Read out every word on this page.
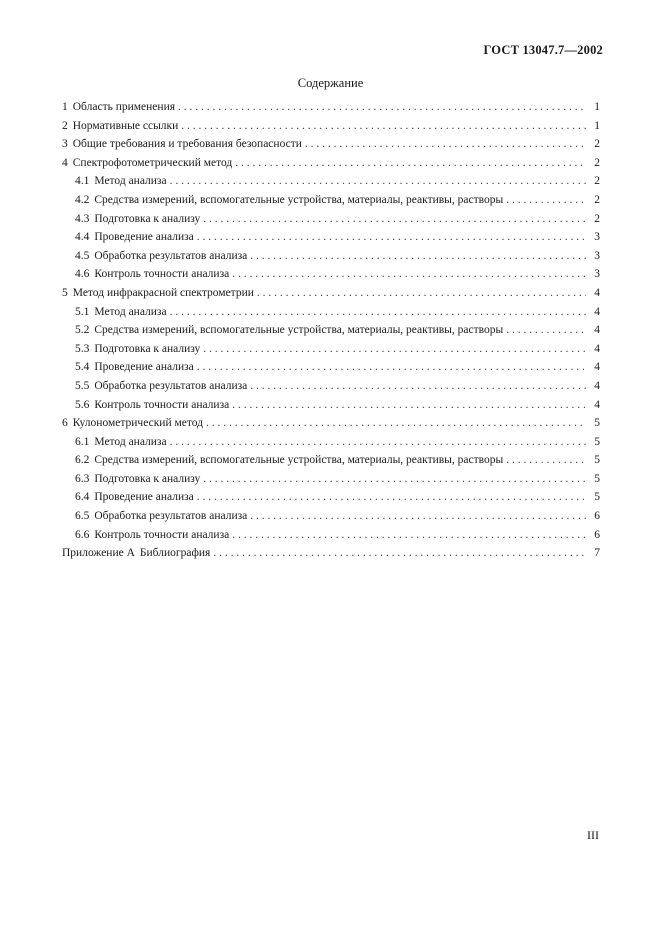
ГОСТ 13047.7—2002
Содержание
1 Область применения . . .	1
2 Нормативные ссылки . . .	1
3 Общие требования и требования безопасности . . .	2
4 Спектрофотометрический метод . . .	2
4.1 Метод анализа . . .	2
4.2 Средства измерений, вспомогательные устройства, материалы, реактивы, растворы . . .	2
4.3 Подготовка к анализу . . .	2
4.4 Проведение анализа . . .	3
4.5 Обработка результатов анализа . . .	3
4.6 Контроль точности анализа . . .	3
5 Метод инфракрасной спектрометрии . . .	4
5.1 Метод анализа . . .	4
5.2 Средства измерений, вспомогательные устройства, материалы, реактивы, растворы . . .	4
5.3 Подготовка к анализу . . .	4
5.4 Проведение анализа . . .	4
5.5 Обработка результатов анализа . . .	4
5.6 Контроль точности анализа . . .	4
6 Кулонометрический метод . . .	5
6.1 Метод анализа . . .	5
6.2 Средства измерений, вспомогательные устройства, материалы, реактивы, растворы . . .	5
6.3 Подготовка к анализу . . .	5
6.4 Проведение анализа . . .	5
6.5 Обработка результатов анализа . . .	6
6.6 Контроль точности анализа . . .	6
Приложение А Библиография . . .	7
III
